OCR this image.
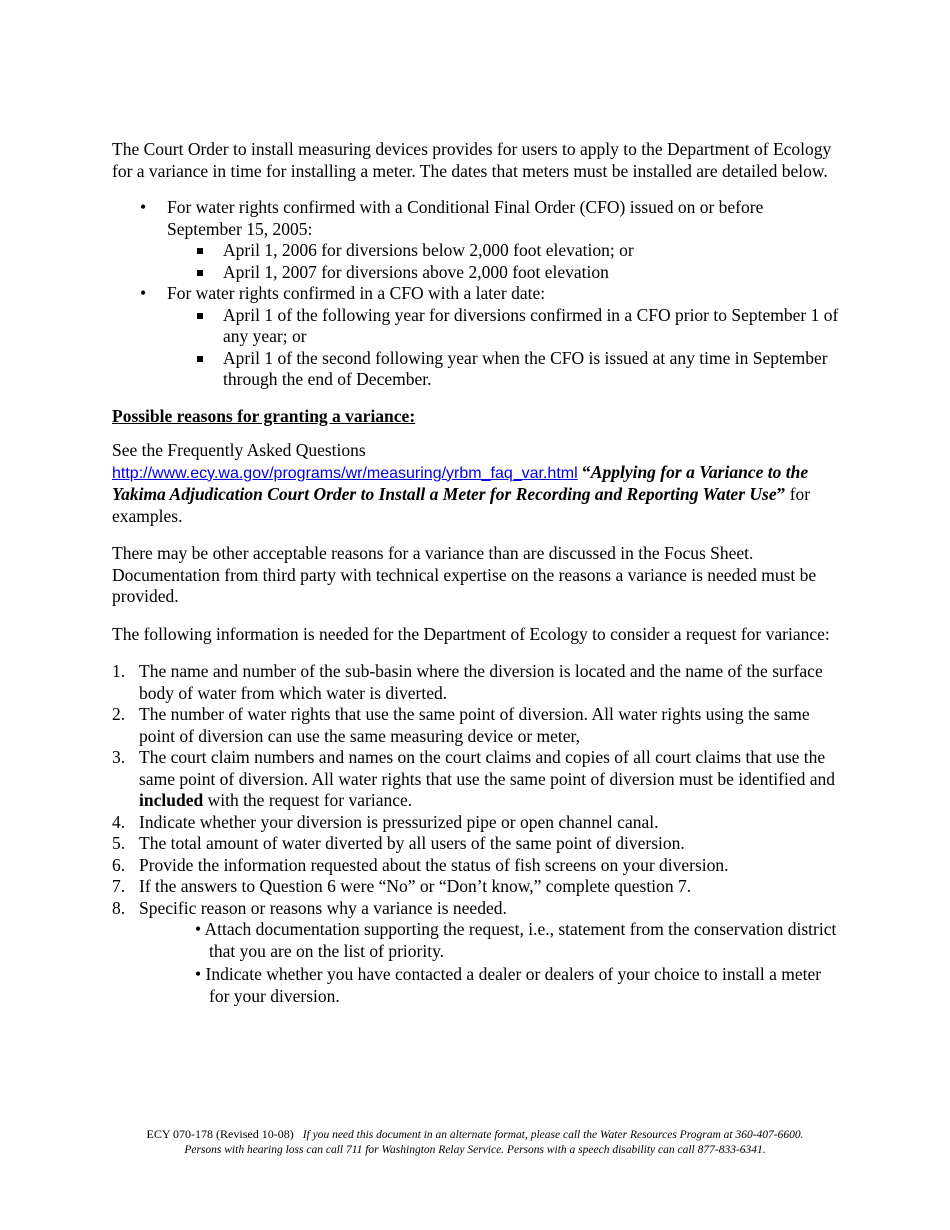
The Court Order to install measuring devices provides for users to apply to the Department of Ecology for a variance in time for installing a meter. The dates that meters must be installed are detailed below.

• For water rights confirmed with a Conditional Final Order (CFO) issued on or before September 15, 2005:
April 1, 2006 for diversions below 2,000 foot elevation; or
April 1, 2007 for diversions above 2,000 foot elevation
• For water rights confirmed in a CFO with a later date:
April 1 of the following year for diversions confirmed in a CFO prior to September 1 of any year; or
April 1 of the second following year when the CFO is issued at any time in September through the end of December.

Possible reasons for granting a variance:

See the Frequently Asked Questions
http://www.ecy.wa.gov/programs/wr/measuring/yrbm_faq_var.html “Applying for a Variance to the Yakima Adjudication Court Order to Install a Meter for Recording and Reporting Water Use” for examples.

There may be other acceptable reasons for a variance than are discussed in the Focus Sheet. Documentation from third party with technical expertise on the reasons a variance is needed must be provided.

The following information is needed for the Department of Ecology to consider a request for variance:

1. The name and number of the sub-basin where the diversion is located and the name of the surface body of water from which water is diverted.
2. The number of water rights that use the same point of diversion. All water rights using the same point of diversion can use the same measuring device or meter,
3. The court claim numbers and names on the court claims and copies of all court claims that use the same point of diversion. All water rights that use the same point of diversion must be identified and included with the request for variance.
4. Indicate whether your diversion is pressurized pipe or open channel canal.
5. The total amount of water diverted by all users of the same point of diversion.
6. Provide the information requested about the status of fish screens on your diversion.
7. If the answers to Question 6 were “No” or “Don’t know,” complete question 7.
8. Specific reason or reasons why a variance is needed.
• Attach documentation supporting the request, i.e., statement from the conservation district that you are on the list of priority.
• Indicate whether you have contacted a dealer or dealers of your choice to install a meter for your diversion.
ECY 070-178 (Revised 10-08) If you need this document in an alternate format, please call the Water Resources Program at 360-407-6600.
Persons with hearing loss can call 711 for Washington Relay Service. Persons with a speech disability can call 877-833-6341.
